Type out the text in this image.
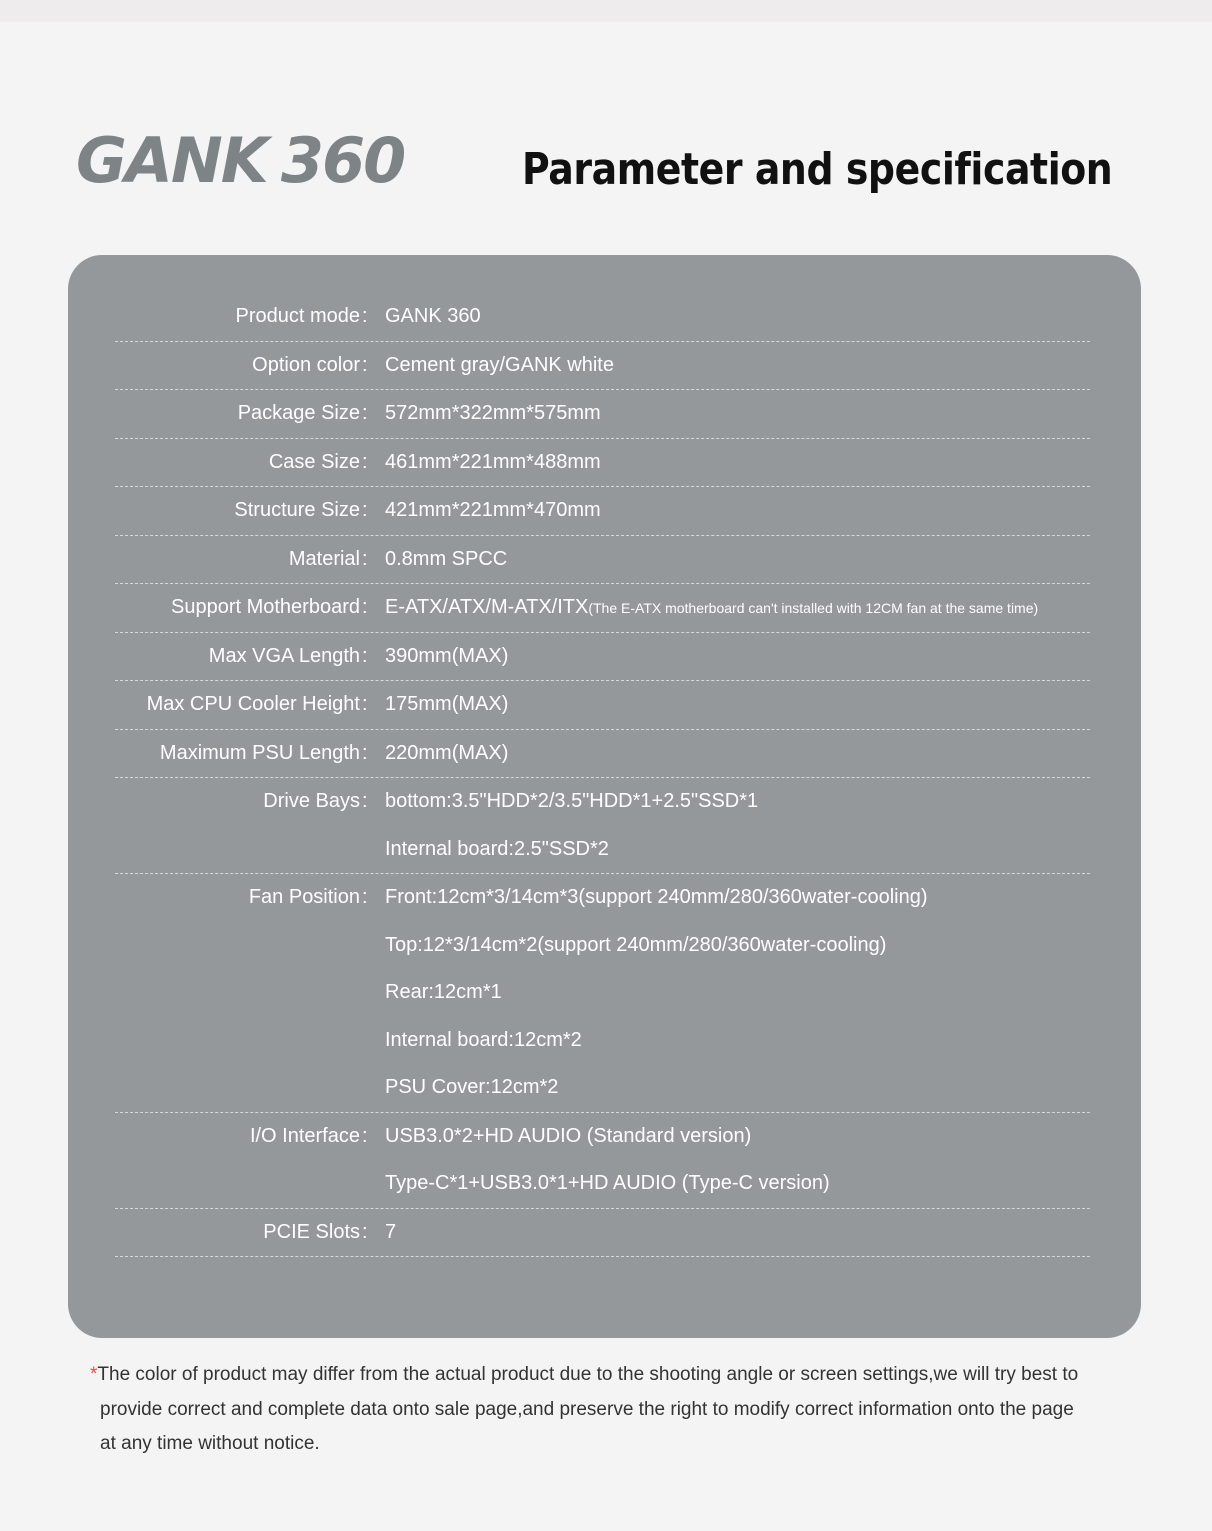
GANK 360	Parameter and specification
Product mode : GANK 360
Option color : Cement gray/GANK white
Package Size : 572mm*322mm*575mm
Case Size : 461mm*221mm*488mm
Structure Size : 421mm*221mm*470mm
Material : 0.8mm SPCC
Support Motherboard : E-ATX/ATX/M-ATX/ITX (The E-ATX motherboard can't installed with 12CM fan at the same time)
Max VGA Length : 390mm(MAX)
Max CPU Cooler Height : 175mm(MAX)
Maximum PSU Length : 220mm(MAX)
Drive Bays : bottom:3.5"HDD*2/3.5"HDD*1+2.5"SSD*1
Internal board:2.5"SSD*2
Fan Position : Front:12cm*3/14cm*3(support 240mm/280/360water-cooling)
Top:12*3/14cm*2(support 240mm/280/360water-cooling)
Rear:12cm*1
Internal board:12cm*2
PSU Cover:12cm*2
I/O Interface : USB3.0*2+HD AUDIO (Standard version)
Type-C*1+USB3.0*1+HD AUDIO (Type-C version)
PCIE Slots : 7
*The color of product may differ from the actual product due to the shooting angle or screen settings,we will try best to
provide correct and complete data onto sale page,and preserve the right to modify correct information onto the page
at any time without notice.
